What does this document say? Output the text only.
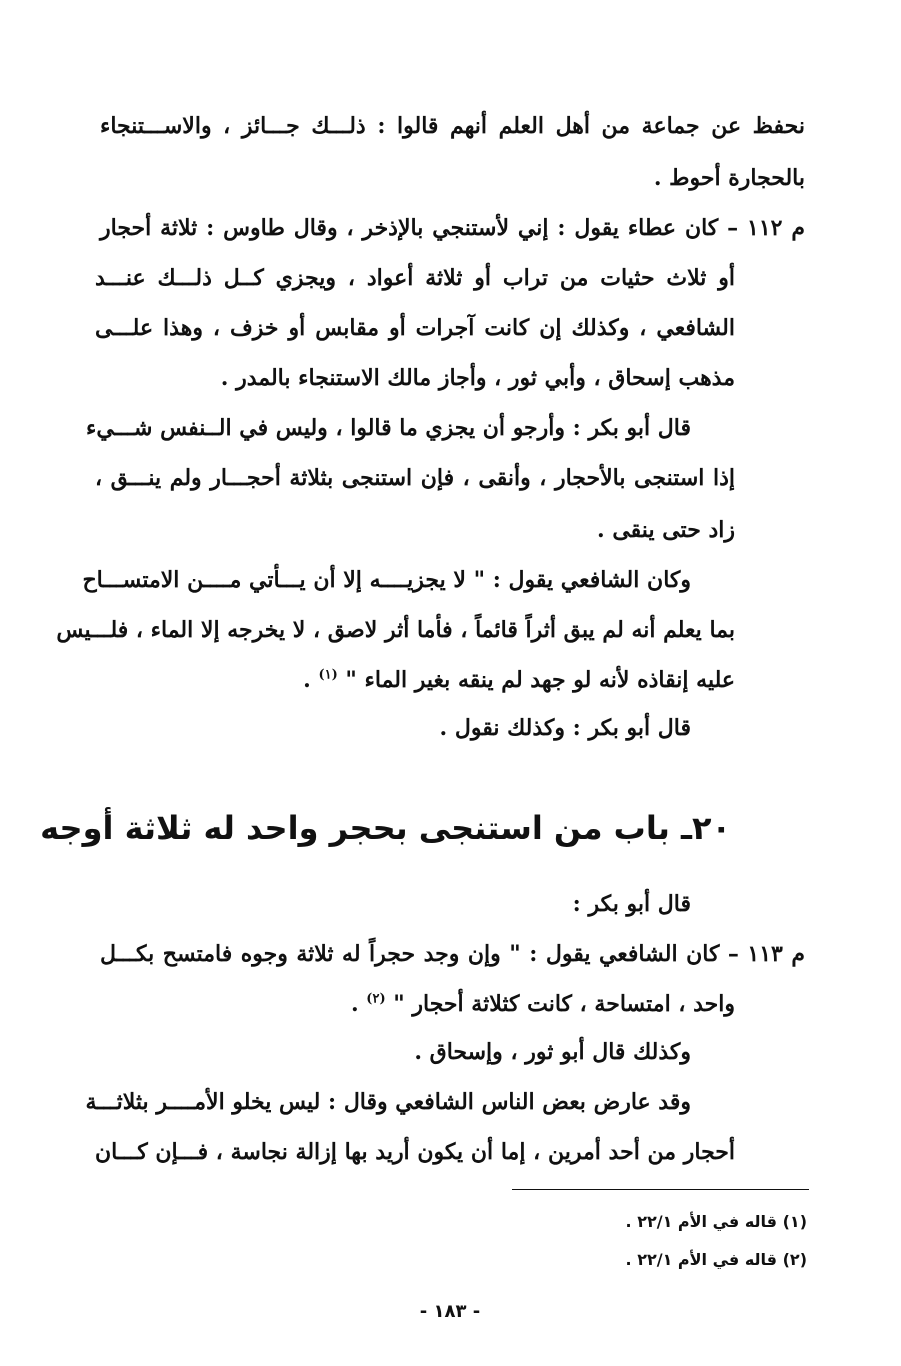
نحفظ عن جماعة من أهل العلم أنهم قالوا : ذلـــك جـــائز ، والاســـتنجاء
بالحجارة أحوط .
م ١١٢ – كان عطاء يقول : إني لأستنجي بالإذخر ، وقال طاوس : ثلاثة أحجار
أو ثلاث حثيات من تراب أو ثلاثة أعواد ، ويجزي كــل ذلـــك عنـــد
الشافعي ، وكذلك إن كانت آجرات أو مقابس أو خزف ، وهذا علـــى
مذهب إسحاق ، وأبي ثور ، وأجاز مالك الاستنجاء بالمدر .
قال أبو بكر : وأرجو أن يجزي ما قالوا ، وليس في الــنفس شـــيء
إذا استنجى بالأحجار ، وأنقى ، فإن استنجى بثلاثة أحجـــار ولم ينـــق ،
زاد حتى ينقى .
وكان الشافعي يقول : " لا يجزيــــه إلا أن يـــأتي مــــن الامتســـاح
بما يعلم أنه لم يبق أثراً قائماً ، فأما أثر لاصق ، لا يخرجه إلا الماء ، فلـــيس
عليه إنقاذه لأنه لو جهد لم ينقه بغير الماء " $^{(١)}$ .
قال أبو بكر : وكذلك نقول .
٢٠ـ باب من استنجى بحجر واحد له ثلاثة أوجه
قال أبو بكر :
م ١١٣ – كان الشافعي يقول : " وإن وجد حجراً له ثلاثة وجوه فامتسح بكـــل
واحد ، امتساحة ، كانت كثلاثة أحجار " $^{(٢)}$ .
وكذلك قال أبو ثور ، وإسحاق .
وقد عارض بعض الناس الشافعي وقال : ليس يخلو الأمــــر بثلاثـــة
أحجار من أحد أمرين ، إما أن يكون أريد بها إزالة نجاسة ، فـــإن كـــان
(١) قاله في الأم ٢٢/١ .
(٢) قاله في الأم ٢٢/١ .
- ١٨٣ -
